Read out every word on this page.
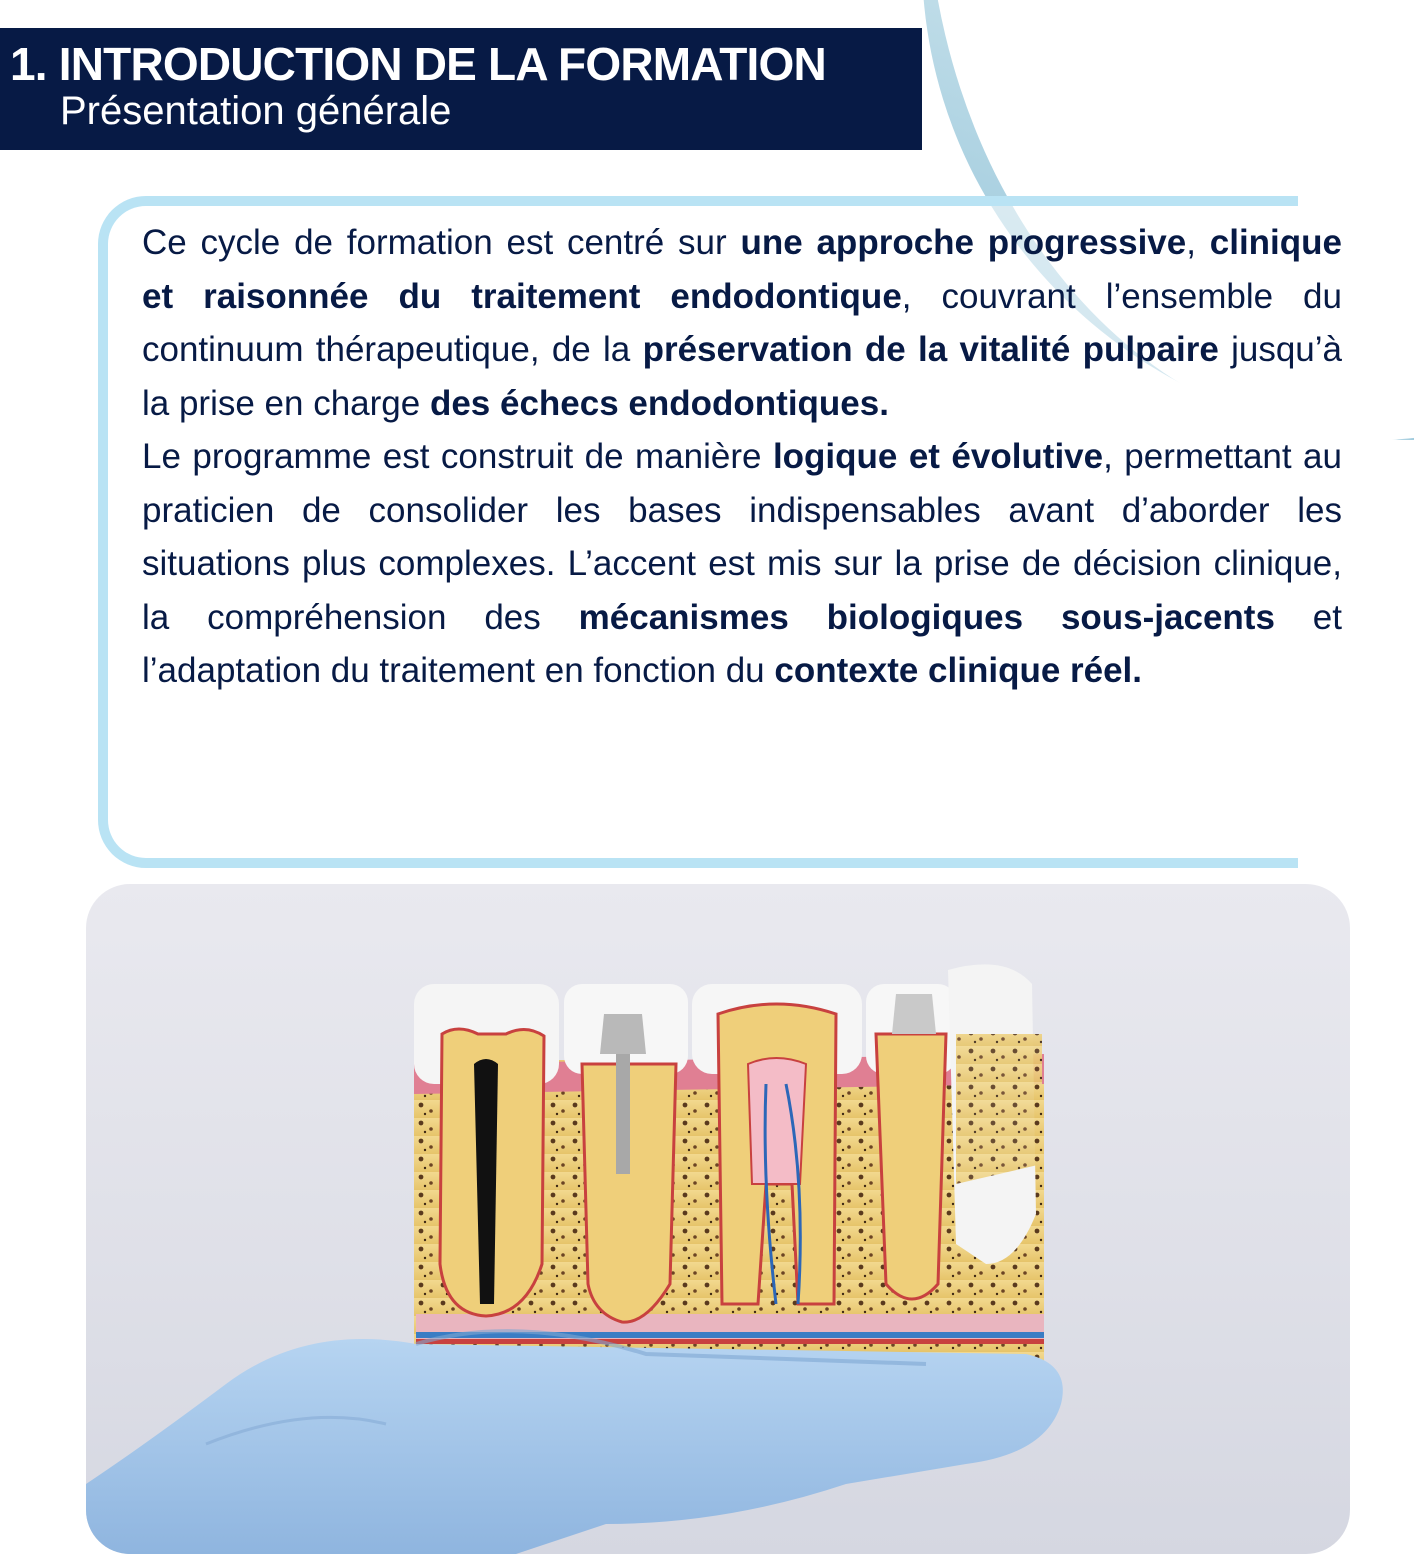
1. INTRODUCTION DE LA FORMATION
Présentation générale

Ce cycle de formation est centré sur une approche progressive, clinique et raisonnée du traitement endodontique, couvrant l’ensemble du continuum thérapeutique, de la préservation de la vitalité pulpaire jusqu’à la prise en charge des échecs endodontiques.

Le programme est construit de manière logique et évolutive, permettant au praticien de consolider les bases indispensables avant d’aborder les situations plus complexes. L’accent est mis sur la prise de décision clinique, la compréhension des mécanismes biologiques sous-jacents et l’adaptation du traitement en fonction du contexte clinique réel.
